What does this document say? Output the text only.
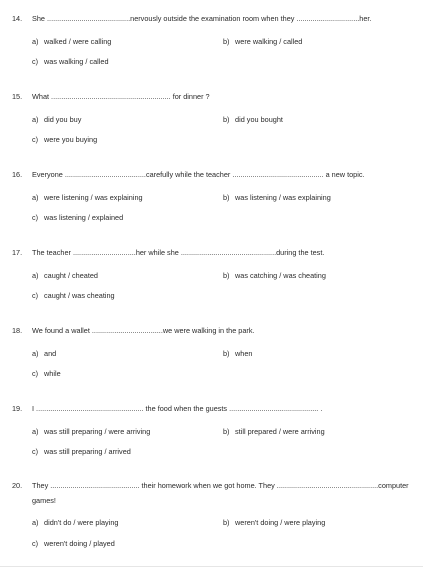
14. She .........................................nervously outside the examination room when they ...............................her.
a) walked / were calling	b) were walking / called
c) was walking / called
15. What ........................................................... for dinner ?
a) did you buy	b) did you bought
c) were you buying
16. Everyone ........................................carefully while the teacher ............................................. a new topic.
a) were listening / was explaining	b) was listening / was explaining
c) was listening / explained
17. The teacher ...............................her while she ...............................................during the test.
a) caught / cheated	b) was catching / was cheating
c) caught / was cheating
18. We found a wallet ...................................we were walking in the park.
a) and	b) when
c) while
19. I ..................................................... the food when the guests ............................................ .
a) was still preparing / were arriving	b) still prepared / were arriving
c) was still preparing / arrived
20. They ............................................ their homework when we got home. They ..................................................computer games!
a) didn't do / were playing	b) weren't doing / were playing
c) weren't doing / played
